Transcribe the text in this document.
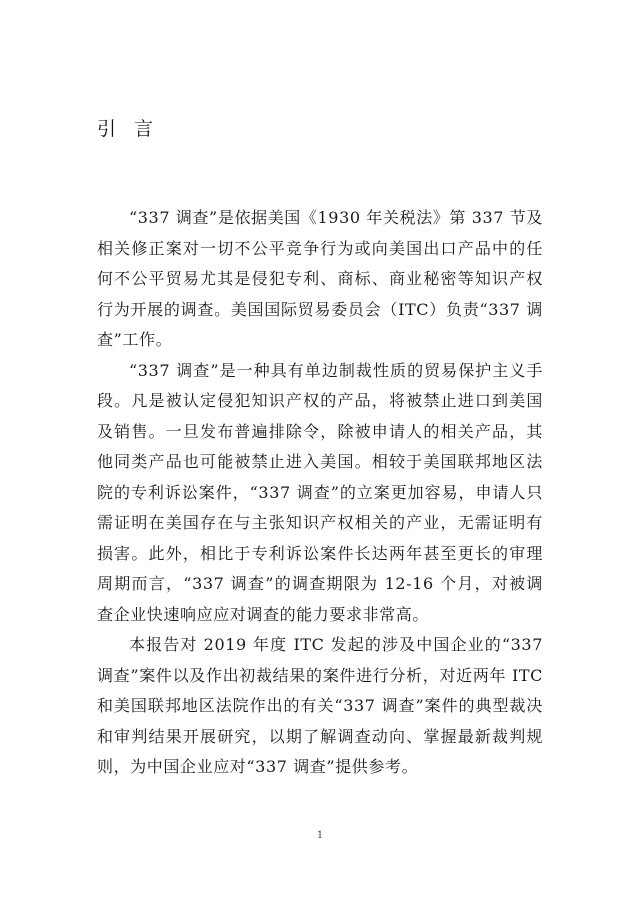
引 言

“337 调查”是依据美国《1930 年关税法》第 337 节及相关修正案对一切不公平竞争行为或向美国出口产品中的任何不公平贸易尤其是侵犯专利、商标、商业秘密等知识产权行为开展的调查。美国国际贸易委员会（ITC）负责“337 调查”工作。

“337 调查”是一种具有单边制裁性质的贸易保护主义手段。凡是被认定侵犯知识产权的产品，将被禁止进口到美国及销售。一旦发布普遍排除令，除被申请人的相关产品，其他同类产品也可能被禁止进入美国。相较于美国联邦地区法院的专利诉讼案件，“337 调查”的立案更加容易，申请人只需证明在美国存在与主张知识产权相关的产业，无需证明有损害。此外，相比于专利诉讼案件长达两年甚至更长的审理周期而言，“337 调查”的调查期限为 12-16 个月，对被调查企业快速响应应对调查的能力要求非常高。

本报告对 2019 年度 ITC 发起的涉及中国企业的“337 调查”案件以及作出初裁结果的案件进行分析，对近两年 ITC 和美国联邦地区法院作出的有关“337 调查”案件的典型裁决和审判结果开展研究，以期了解调查动向、掌握最新裁判规则，为中国企业应对“337 调查”提供参考。

1
